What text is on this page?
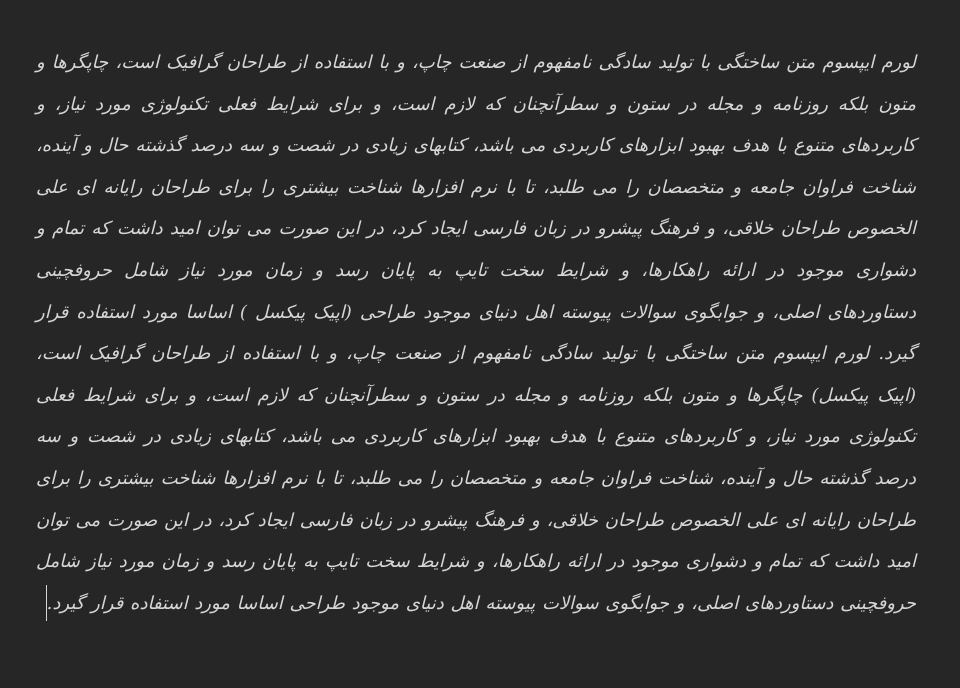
لورم ایپسوم متن ساختگی با تولید سادگی نامفهوم از صنعت چاپ، و با استفاده از طراحان گرافیک است، چاپگرها و متون بلکه روزنامه و مجله در ستون و سطرآنچنان که لازم است، و برای شرایط فعلی تکنولوژی مورد نیاز، و کاربردهای متنوع با هدف بهبود ابزارهای کاربردی می باشد، کتابهای زیادی در شصت و سه درصد گذشته حال و آینده، شناخت فراوان جامعه و متخصصان را می طلبد، تا با نرم افزارها شناخت بیشتری را برای طراحان رایانه ای علی الخصوص طراحان خلاقی، و فرهنگ پیشرو در زبان فارسی ایجاد کرد، در این صورت می توان امید داشت که تمام و دشواری موجود در ارائه راهکارها، و شرایط سخت تایپ به پایان رسد و زمان مورد نیاز شامل حروفچینی دستاوردهای اصلی، و جوابگوی سوالات پیوسته اهل دنیای موجود طراحی (اپیک پیکسل ) اساسا مورد استفاده قرار گیرد. لورم ایپسوم متن ساختگی با تولید سادگی نامفهوم از صنعت چاپ، و با استفاده از طراحان گرافیک است، (اپیک پیکسل) چاپگرها و متون بلکه روزنامه و مجله در ستون و سطرآنچنان که لازم است، و برای شرایط فعلی تکنولوژی مورد نیاز، و کاربردهای متنوع با هدف بهبود ابزارهای کاربردی می باشد، کتابهای زیادی در شصت و سه درصد گذشته حال و آینده، شناخت فراوان جامعه و متخصصان را می طلبد، تا با نرم افزارها شناخت بیشتری را برای طراحان رایانه ای علی الخصوص طراحان خلاقی، و فرهنگ پیشرو در زبان فارسی ایجاد کرد، در این صورت می توان امید داشت که تمام و دشواری موجود در ارائه راهکارها، و شرایط سخت تایپ به پایان رسد و زمان مورد نیاز شامل حروفچینی دستاوردهای اصلی، و جوابگوی سوالات پیوسته اهل دنیای موجود طراحی اساسا مورد استفاده قرار گیرد.
